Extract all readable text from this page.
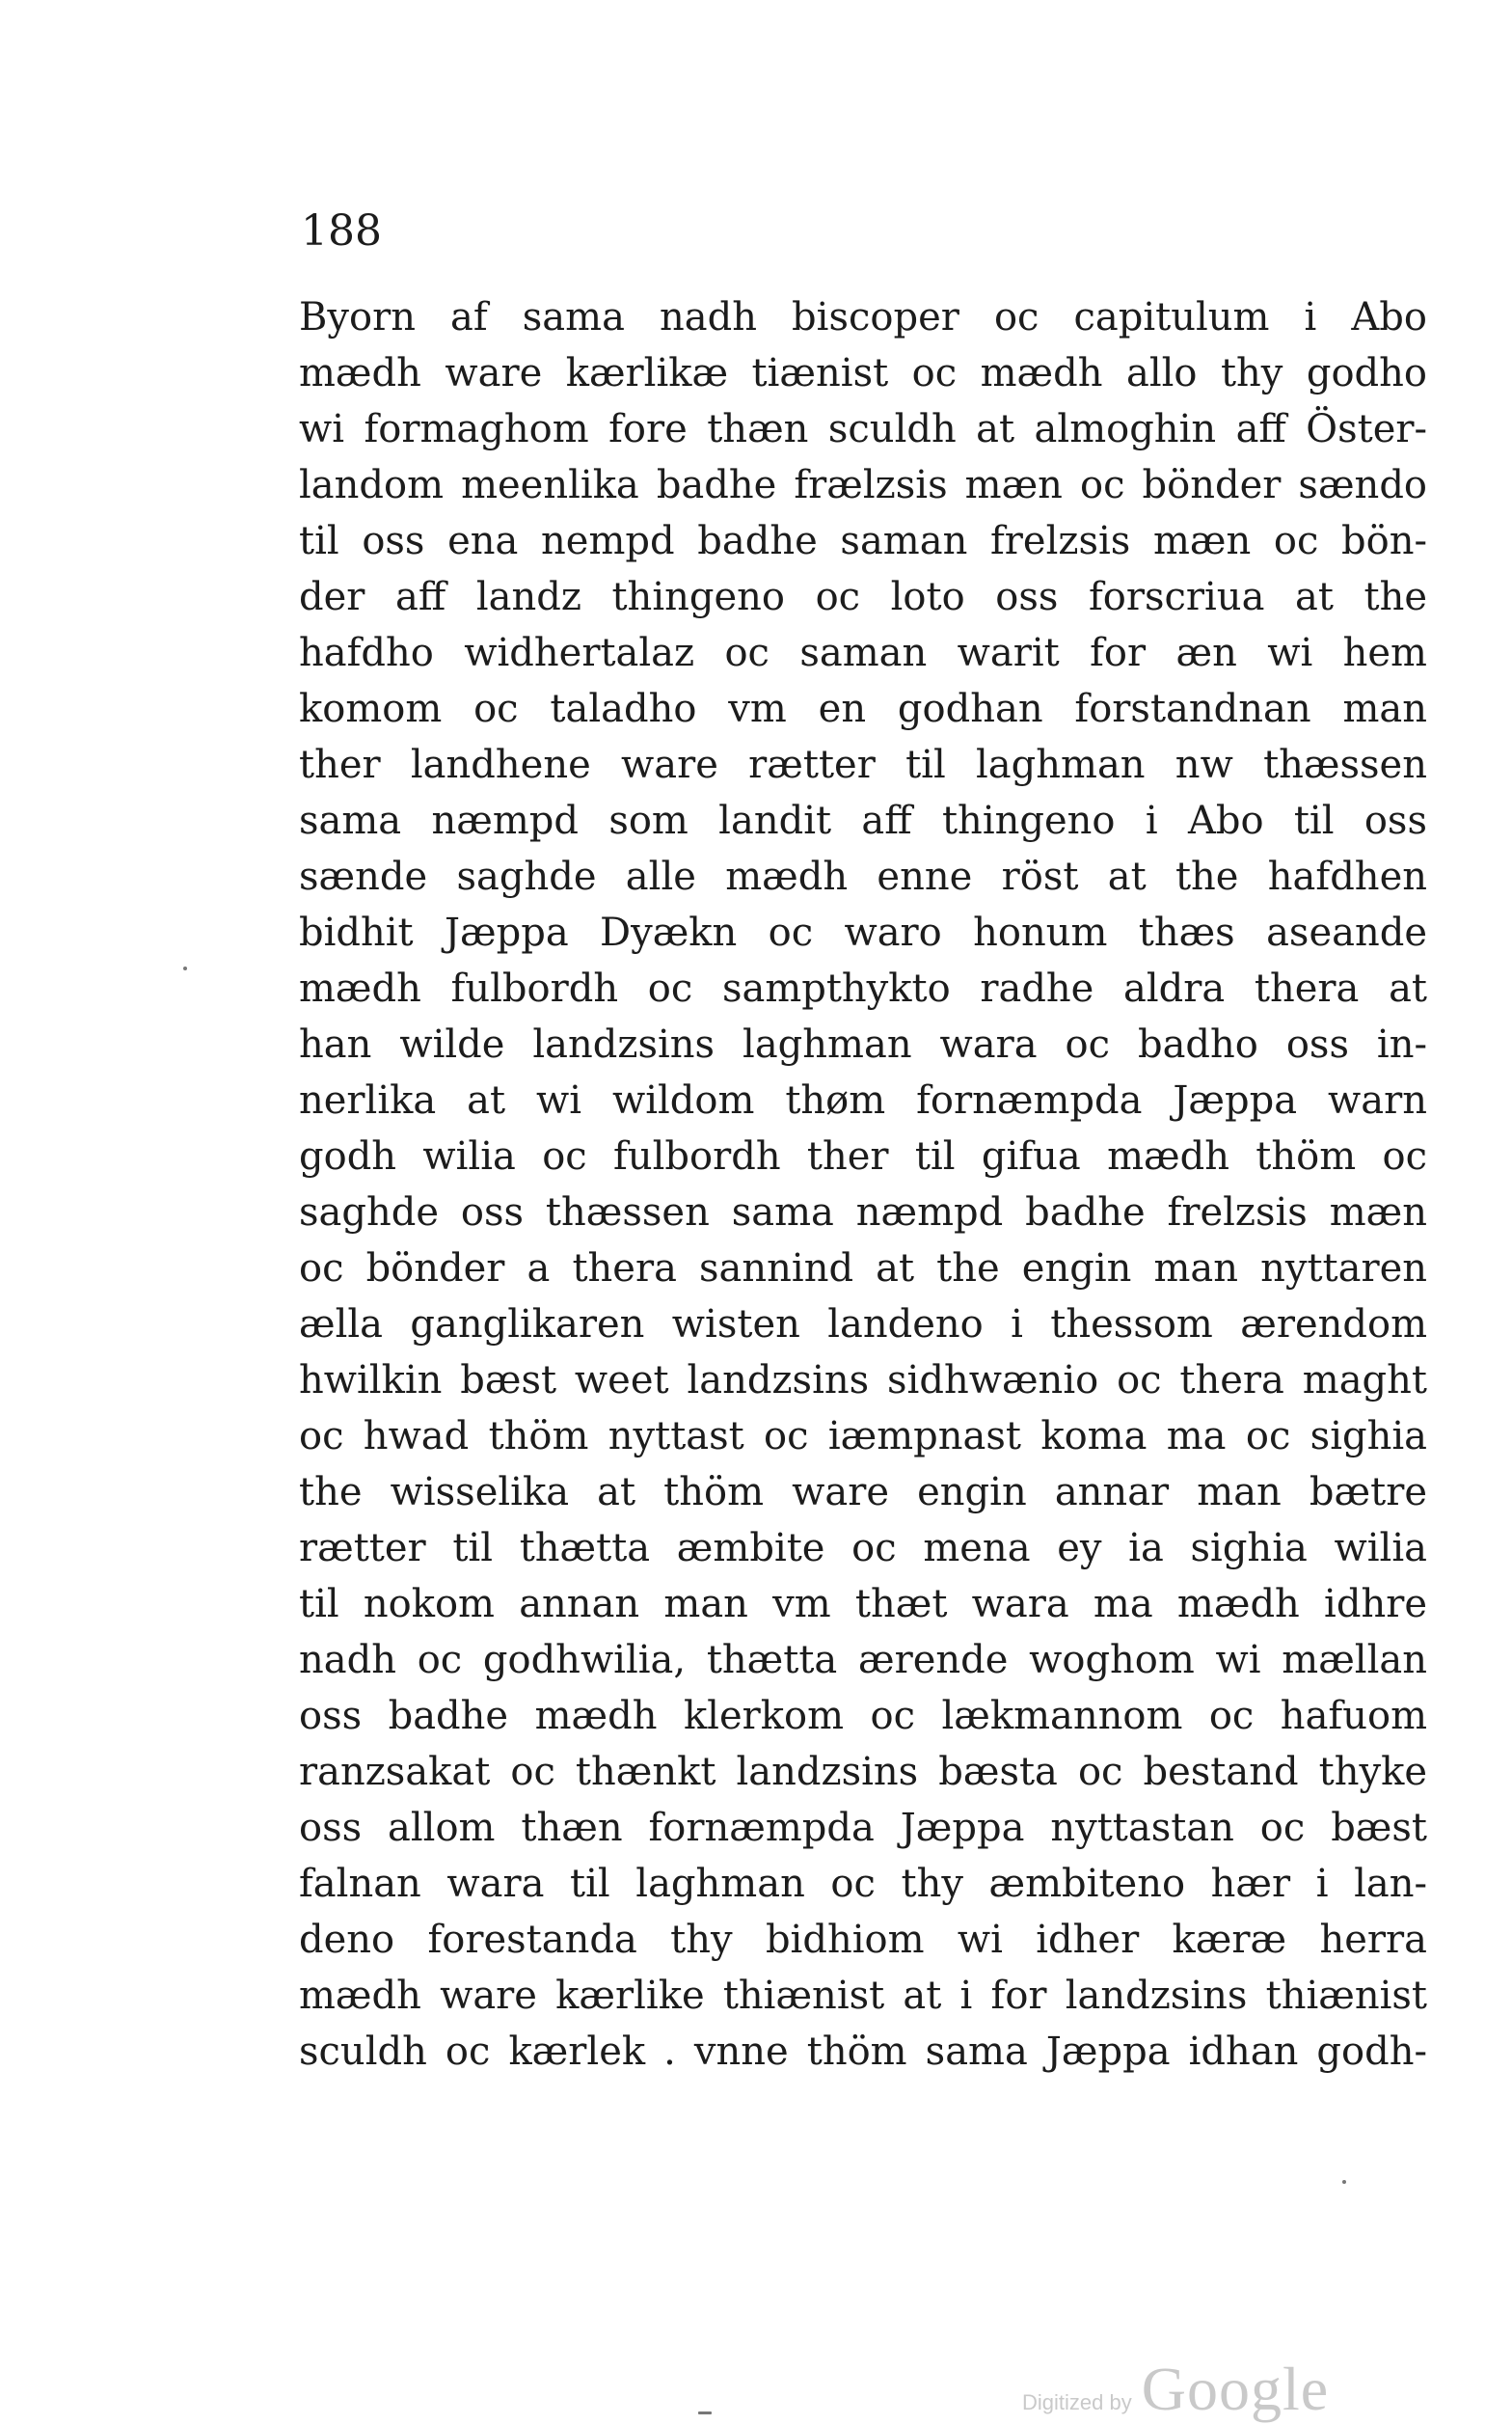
188
Byorn af sama nadh biscoper oc capitulum i Abo
mædh ware kærlikæ tiænist oc mædh allo thy godho
wi formaghom fore thæn sculdh at almoghin aff Öster-
landom meenlika badhe frælzsis mæn oc bönder sændo
til oss ena nempd badhe saman frelzsis mæn oc bön-
der aff landz thingeno oc loto oss forscriua at the
hafdho widhertalaz oc saman warit for æn wi hem
komom oc taladho vm en godhan forstandnan man
ther landhene ware rætter til laghman nw thæssen
sama næmpd som landit aff thingeno i Abo til oss
sænde saghde alle mædh enne röst at the hafdhen
bidhit Jæppa Dyækn oc waro honum thæs aseande
mædh fulbordh oc sampthykto radhe aldra thera at
han wilde landzsins laghman wara oc badho oss in-
nerlika at wi wildom thøm fornæmpda Jæppa warn
godh wilia oc fulbordh ther til gifua mædh thöm oc
saghde oss thæssen sama næmpd badhe frelzsis mæn
oc bönder a thera sannind at the engin man nyttaren
ælla ganglikaren wisten landeno i thessom ærendom
hwilkin bæst weet landzsins sidhwænio oc thera maght
oc hwad thöm nyttast oc iæmpnast koma ma oc sighia
the wisselika at thöm ware engin annar man bætre
rætter til thætta æmbite oc mena ey ia sighia wilia
til nokom annan man vm thæt wara ma mædh idhre
nadh oc godhwilia, thætta ærende woghom wi mællan
oss badhe mædh klerkom oc lækmannom oc hafuom
ranzsakat oc thænkt landzsins bæsta oc bestand thyke
oss allom thæn fornæmpda Jæppa nyttastan oc bæst
falnan wara til laghman oc thy æmbiteno hær i lan-
deno forestanda thy bidhiom wi idher kæræ herra
mædh ware kærlike thiænist at i for landzsins thiænist
sculdh oc kærlek . vnne thöm sama Jæppa idhan godh-
Digitized by Google
